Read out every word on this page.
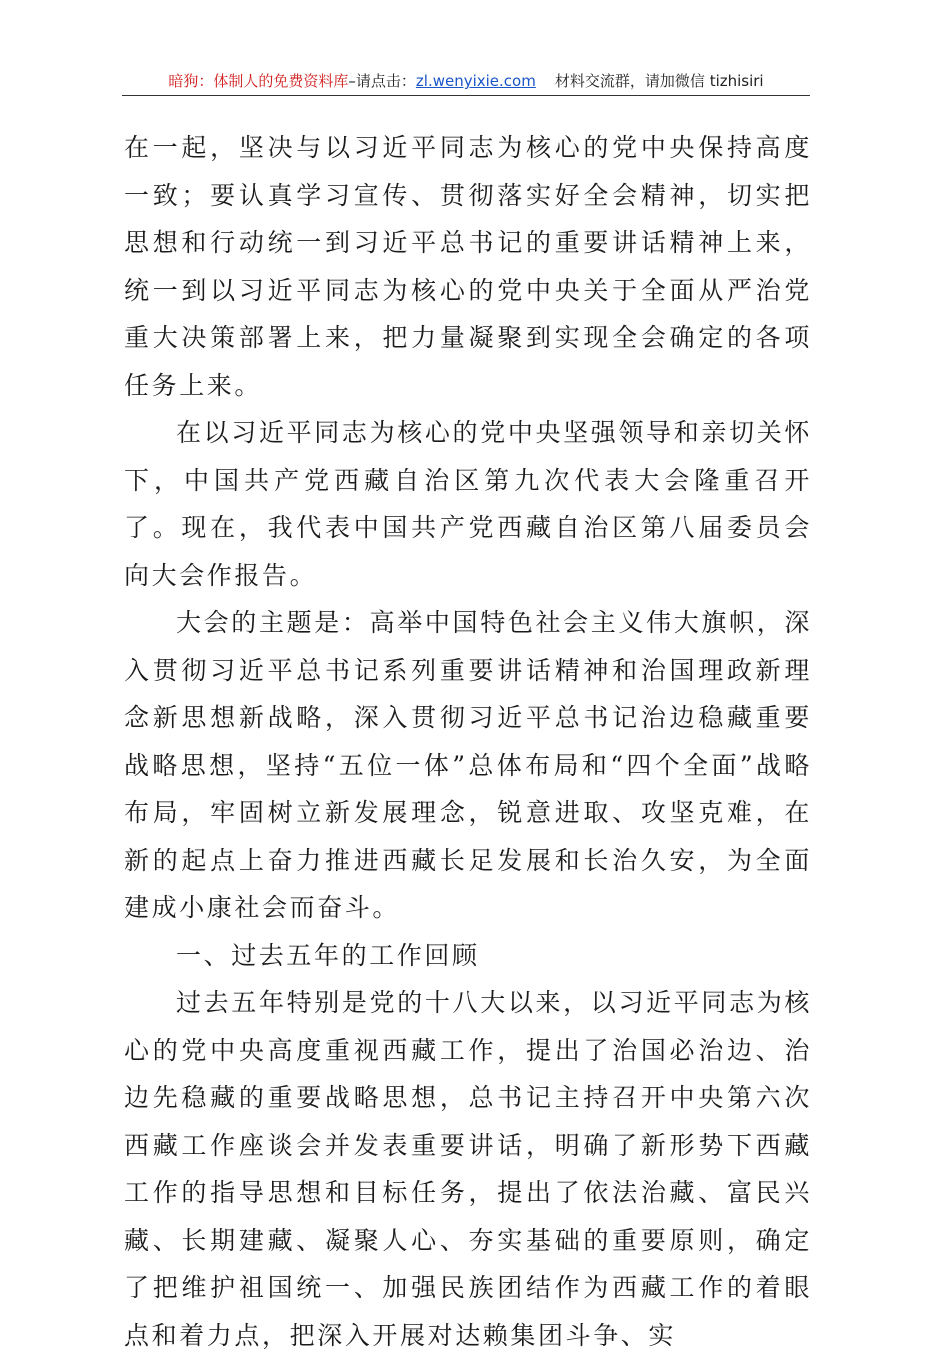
暗狗：体制人的免费资料库–请点击：zl.wenyixie.com 材料交流群，请加微信 tizhisiri

在一起，坚决与以习近平同志为核心的党中央保持高度一致；要认真学习宣传、贯彻落实好全会精神，切实把思想和行动统一到习近平总书记的重要讲话精神上来，统一到以习近平同志为核心的党中央关于全面从严治党重大决策部署上来，把力量凝聚到实现全会确定的各项任务上来。

在以习近平同志为核心的党中央坚强领导和亲切关怀下，中国共产党西藏自治区第九次代表大会隆重召开了。现在，我代表中国共产党西藏自治区第八届委员会向大会作报告。

大会的主题是：高举中国特色社会主义伟大旗帜，深入贯彻习近平总书记系列重要讲话精神和治国理政新理念新思想新战略，深入贯彻习近平总书记治边稳藏重要战略思想，坚持“五位一体”总体布局和“四个全面”战略布局，牢固树立新发展理念，锐意进取、攻坚克难，在新的起点上奋力推进西藏长足发展和长治久安，为全面建成小康社会而奋斗。

一、过去五年的工作回顾

过去五年特别是党的十八大以来，以习近平同志为核心的党中央高度重视西藏工作，提出了治国必治边、治边先稳藏的重要战略思想，总书记主持召开中央第六次西藏工作座谈会并发表重要讲话，明确了新形势下西藏工作的指导思想和目标任务，提出了依法治藏、富民兴藏、长期建藏、凝聚人心、夯实基础的重要原则，确定了把维护祖国统一、加强民族团结作为西藏工作的着眼点和着力点，把深入开展对达赖集团斗争、实
